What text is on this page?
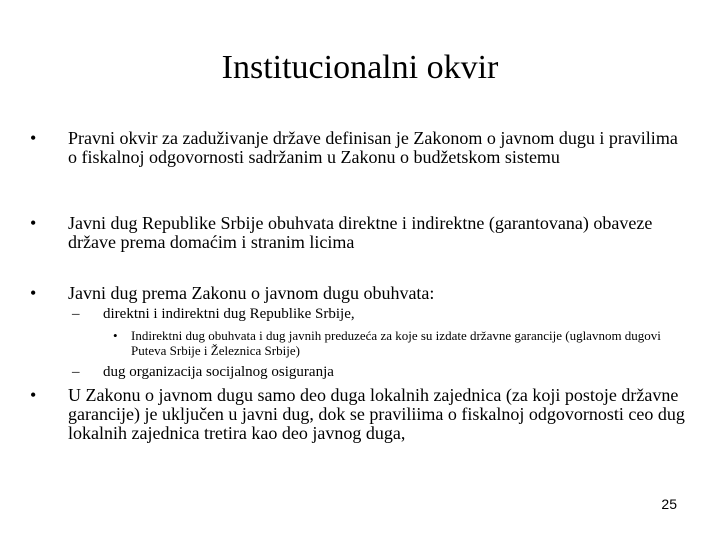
Institucionalni okvir
• Pravni okvir za zaduživanje države definisan je Zakonom o javnom dugu i pravilima o fiskalnoj odgovornosti sadržanim u Zakonu o budžetskom sistemu
• Javni dug Republike Srbije obuhvata direktne i indirektne (garantovana) obaveze države prema domaćim i stranim licima
• Javni dug prema Zakonu o javnom dugu obuhvata:
– direktni i indirektni dug Republike Srbije,
• Indirektni dug obuhvata i dug javnih preduzeća za koje su izdate državne garancije (uglavnom dugovi Puteva Srbije i Železnica Srbije)
– dug organizacija socijalnog osiguranja
• U Zakonu o javnom dugu samo deo duga lokalnih zajednica (za koji postoje državne garancije) je uključen u javni dug, dok se praviliima o fiskalnoj odgovornosti ceo dug lokalnih zajednica tretira kao deo javnog duga,
25
